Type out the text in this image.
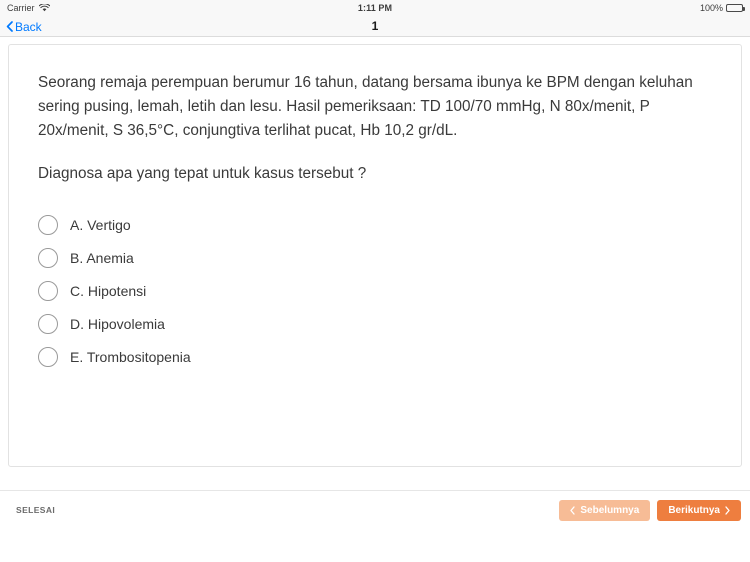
Carrier	1:11 PM	100%
Back	1
Seorang remaja perempuan berumur 16 tahun, datang bersama ibunya ke BPM dengan keluhan sering pusing, lemah, letih dan lesu. Hasil pemeriksaan: TD 100/70 mmHg, N 80x/menit, P 20x/menit, S 36,5°C, conjungtiva terlihat pucat, Hb 10,2 gr/dL.
Diagnosa apa yang tepat untuk kasus tersebut ?
A. Vertigo
B. Anemia
C. Hipotensi
D. Hipovolemia
E. Trombositopenia
SELESAI	Sebelumnya	Berikutnya
